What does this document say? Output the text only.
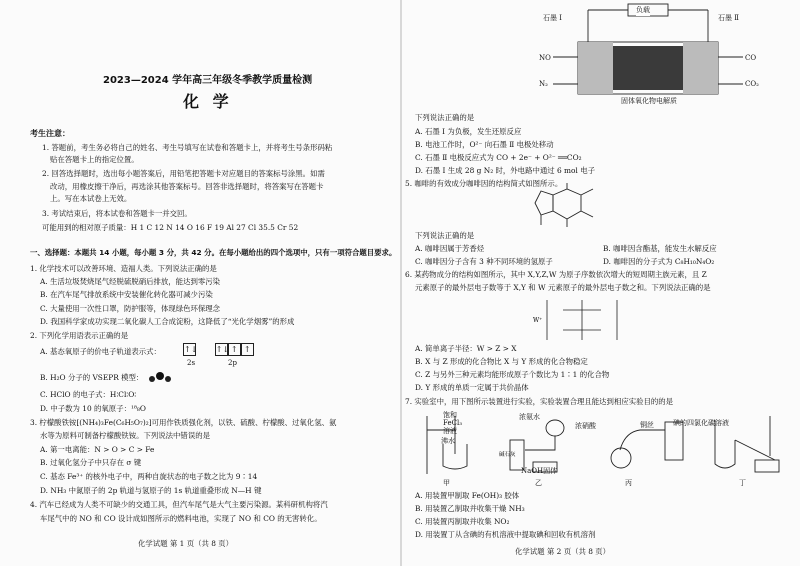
2023—2024 学年高三年级冬季教学质量检测
化 学
考生注意：
1. 答题前，考生务必将自己的姓名、考生号填写在试卷和答题卡上，并将考生号条形码粘
贴在答题卡上的指定位置。
2. 回答选择题时，选出每小题答案后，用铅笔把答题卡对应题目的答案标号涂黑。如需
改动，用橡皮擦干净后，再选涂其他答案标号。回答非选择题时，将答案写在答题卡
上。写在本试卷上无效。
3. 考试结束后，将本试卷和答题卡一并交回。
可能用到的相对原子质量：H 1 C 12 N 14 O 16 F 19 Al 27 Cl 35.5 Cr 52
一、选择题：本题共 14 小题，每小题 3 分，共 42 分。在每小题给出的四个选项中，只有一项符合题目要求。
1. 化学技术可以改善环境、造福人类。下列说法正确的是
A. 生活垃圾焚烧尾气经脱硫脱硝后排放，能达到零污染
B. 在汽车尾气排放系统中安装催化转化器可减少污染
C. 大量使用一次性口罩，防护服等，体现绿色环保理念
D. 我国科学家成功实现二氧化碳人工合成淀粉，这降低了“光化学烟雾”的形成
2. 下列化学用语表示正确的是
A. 基态氧原子的价电子轨道表示式：	↑↓ ↑↓ ↑ ↑
2s	2p
B. H₂O 分子的 VSEPR 模型：
C. HClO 的电子式：H∶Cl∶O∶
D. 中子数为 10 的氧原子：¹⁸₈O
3. 柠檬酸铁铵[(NH₄)₃Fe(C₆H₅O₇)₂]可用作铁质强化剂，以铁、硫酸、柠檬酸、过氧化氢、氨
水等为原料可制备柠檬酸铁铵。下列说法中错误的是
A. 第一电离能：N > O > C > Fe
B. 过氧化氢分子中只存在 σ 键
C. 基态 Fe³⁺ 的核外电子中，两种自旋状态的电子数之比为 9∶14
D. NH₃ 中氮原子的 2p 轨道与氢原子的 1s 轨道重叠形成 N—H 键
4. 汽车已经成为人类不可缺少的交通工具，但汽车尾气是大气主要污染源。某科研机构将汽
车尾气中的 NO 和 CO 设计成如图所示的燃料电池，实现了 NO 和 CO 的无害转化。
化学试题 第 1 页（共 8 页）
负载
石墨 Ⅰ	石墨 Ⅱ
NO
N₂
CO
CO₂
固体氧化物电解质
下列说法正确的是
A. 石墨 Ⅰ 为负极，发生还原反应
B. 电池工作时，O²⁻ 向石墨 Ⅱ 电极处移动
C. 石墨 Ⅱ 电极反应式为 CO + 2e⁻ + O²⁻ ══CO₂
D. 石墨 Ⅰ 生成 28 g N₂ 时，外电路中通过 6 mol 电子
5. 咖啡的有效成分咖啡因的结构简式如图所示。
下列说法正确的是
A. 咖啡因属于芳香烃	B. 咖啡因含酯基，能发生水解反应
C. 咖啡因分子含有 3 种不同环境的氢原子	D. 咖啡因的分子式为 C₈H₁₀N₄O₂
6. 某药物成分的结构如图所示，其中 X,Y,Z,W 为原子序数依次增大的短周期主族元素，且 Z
元素原子的最外层电子数等于 X,Y 和 W 元素原子的最外层电子数之和。下列说法正确的是
W⁺
A. 简单离子半径：W > Z > X
B. X 与 Z 形成的化合物比 X 与 Y 形成的化合物稳定
C. Z 与另外三种元素均能形成原子个数比为 1∶1 的化合物
D. Y 形成的单质一定属于共价晶体
7. 实验室中，用下图所示装置进行实验，实验装置合理且能达到相应实验目的的是
碱石灰
饱和
FeCl₃
溶液
沸水
浓氨水
NaOH固体
浓硝酸	铜丝	碘的四氯化碳溶液
甲	乙	丙	丁
A. 用装置甲制取 Fe(OH)₃ 胶体
B. 用装置乙制取并收集干燥 NH₃
C. 用装置丙制取并收集 NO₂
D. 用装置丁从含碘的有机溶液中提取碘和回收有机溶剂
化学试题 第 2 页（共 8 页）
